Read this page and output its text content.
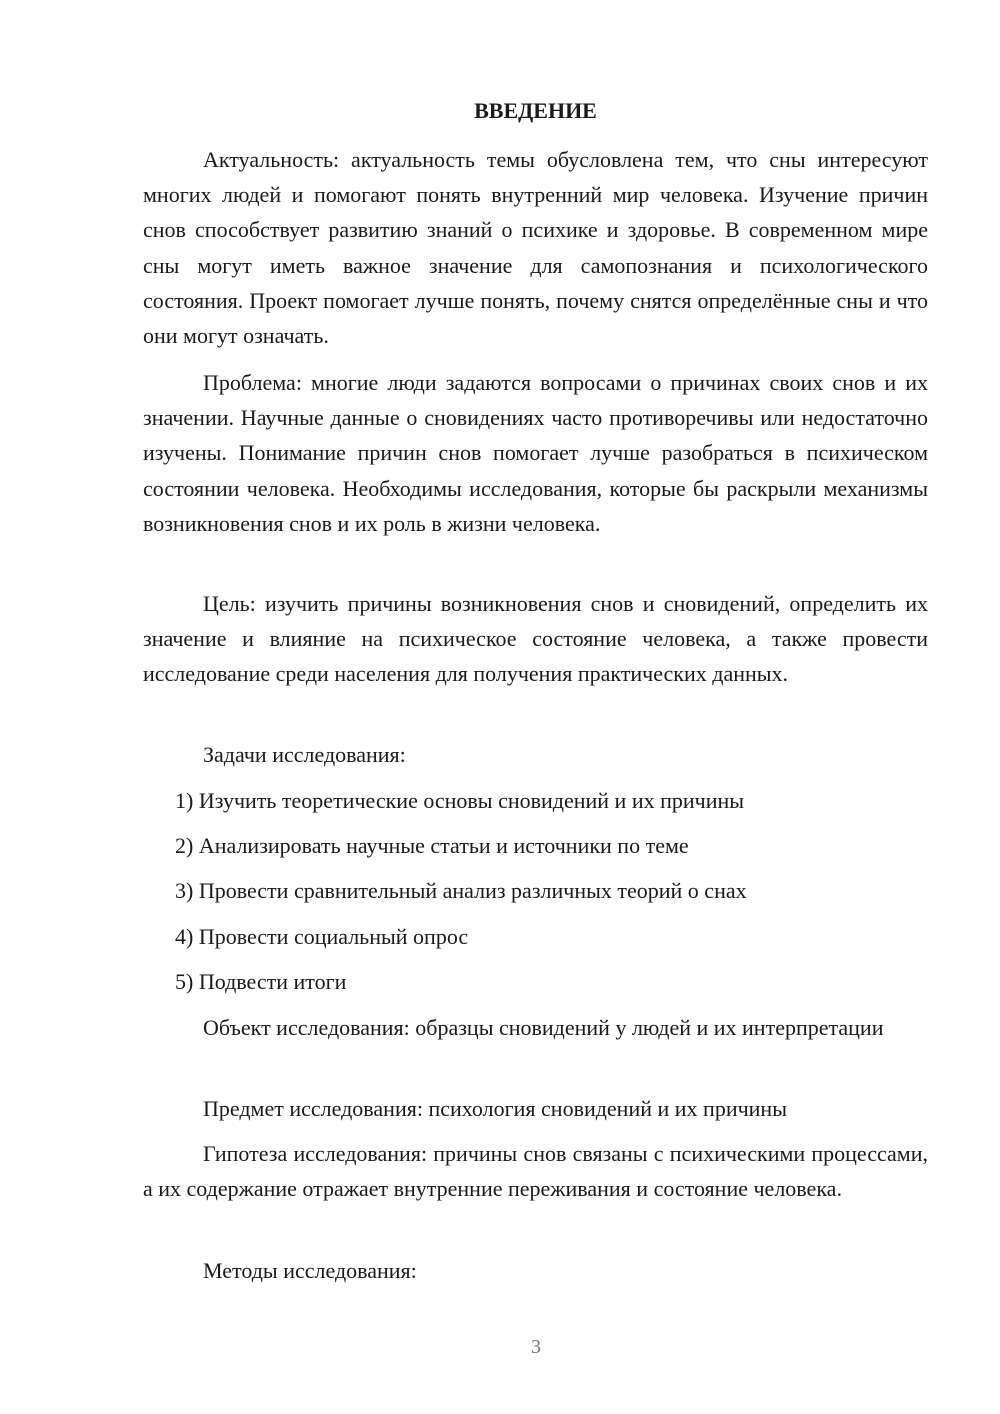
ВВЕДЕНИЕ

Актуальность: актуальность темы обусловлена тем, что сны интересуют многих людей и помогают понять внутренний мир человека. Изучение причин снов способствует развитию знаний о психике и здоровье. В современном мире сны могут иметь важное значение для самопознания и психологического состояния. Проект помогает лучше понять, почему снятся определённые сны и что они могут означать.

Проблема: многие люди задаются вопросами о причинах своих снов и их значении. Научные данные о сновидениях часто противоречивы или недостаточно изучены. Понимание причин снов помогает лучше разобраться в психическом состоянии человека. Необходимы исследования, которые бы раскрыли механизмы возникновения снов и их роль в жизни человека.

Цель: изучить причины возникновения снов и сновидений, определить их значение и влияние на психическое состояние человека, а также провести исследование среди населения для получения практических данных.

Задачи исследования:

1) Изучить теоретические основы сновидений и их причины

2) Анализировать научные статьи и источники по теме

3) Провести сравнительный анализ различных теорий о снах

4) Провести социальный опрос

5) Подвести итоги

Объект исследования: образцы сновидений у людей и их интерпретации

Предмет исследования: психология сновидений и их причины

Гипотеза исследования: причины снов связаны с психическими процессами, а их содержание отражает внутренние переживания и состояние человека.

Методы исследования:

3
